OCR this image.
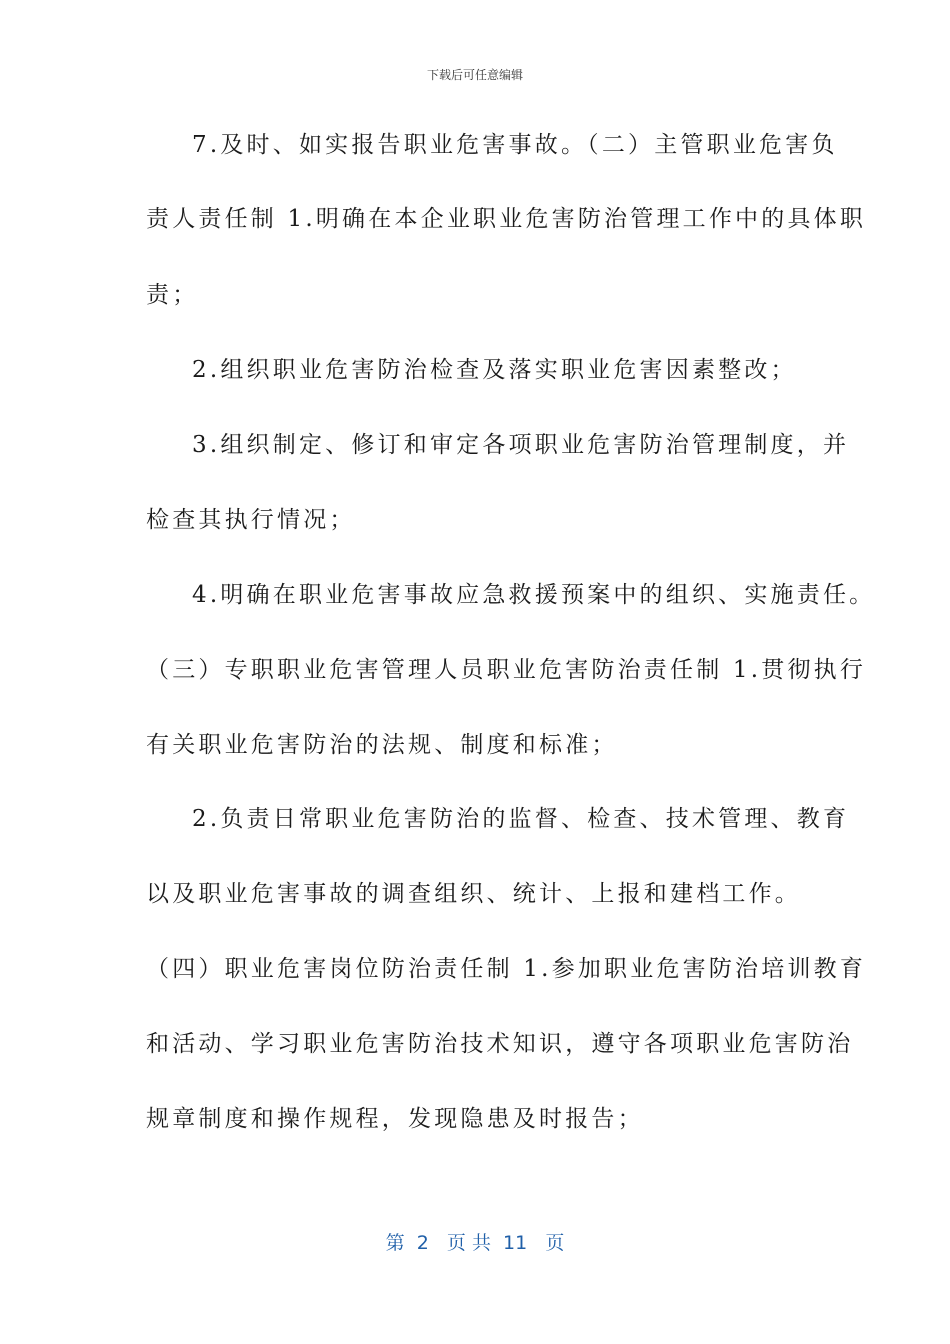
下载后可任意编辑
7.及时、如实报告职业危害事故。（二）主管职业危害负
责人责任制 1.明确在本企业职业危害防治管理工作中的具体职
责；
2.组织职业危害防治检查及落实职业危害因素整改；
3.组织制定、修订和审定各项职业危害防治管理制度，并
检查其执行情况；
4.明确在职业危害事故应急救援预案中的组织、实施责任。
（三）专职职业危害管理人员职业危害防治责任制 1.贯彻执行
有关职业危害防治的法规、制度和标准；
2.负责日常职业危害防治的监督、检查、技术管理、教育
以及职业危害事故的调查组织、统计、上报和建档工作。
（四）职业危害岗位防治责任制 1.参加职业危害防治培训教育
和活动、学习职业危害防治技术知识，遵守各项职业危害防治
规章制度和操作规程，发现隐患及时报告；
第  2   页 共  11   页
